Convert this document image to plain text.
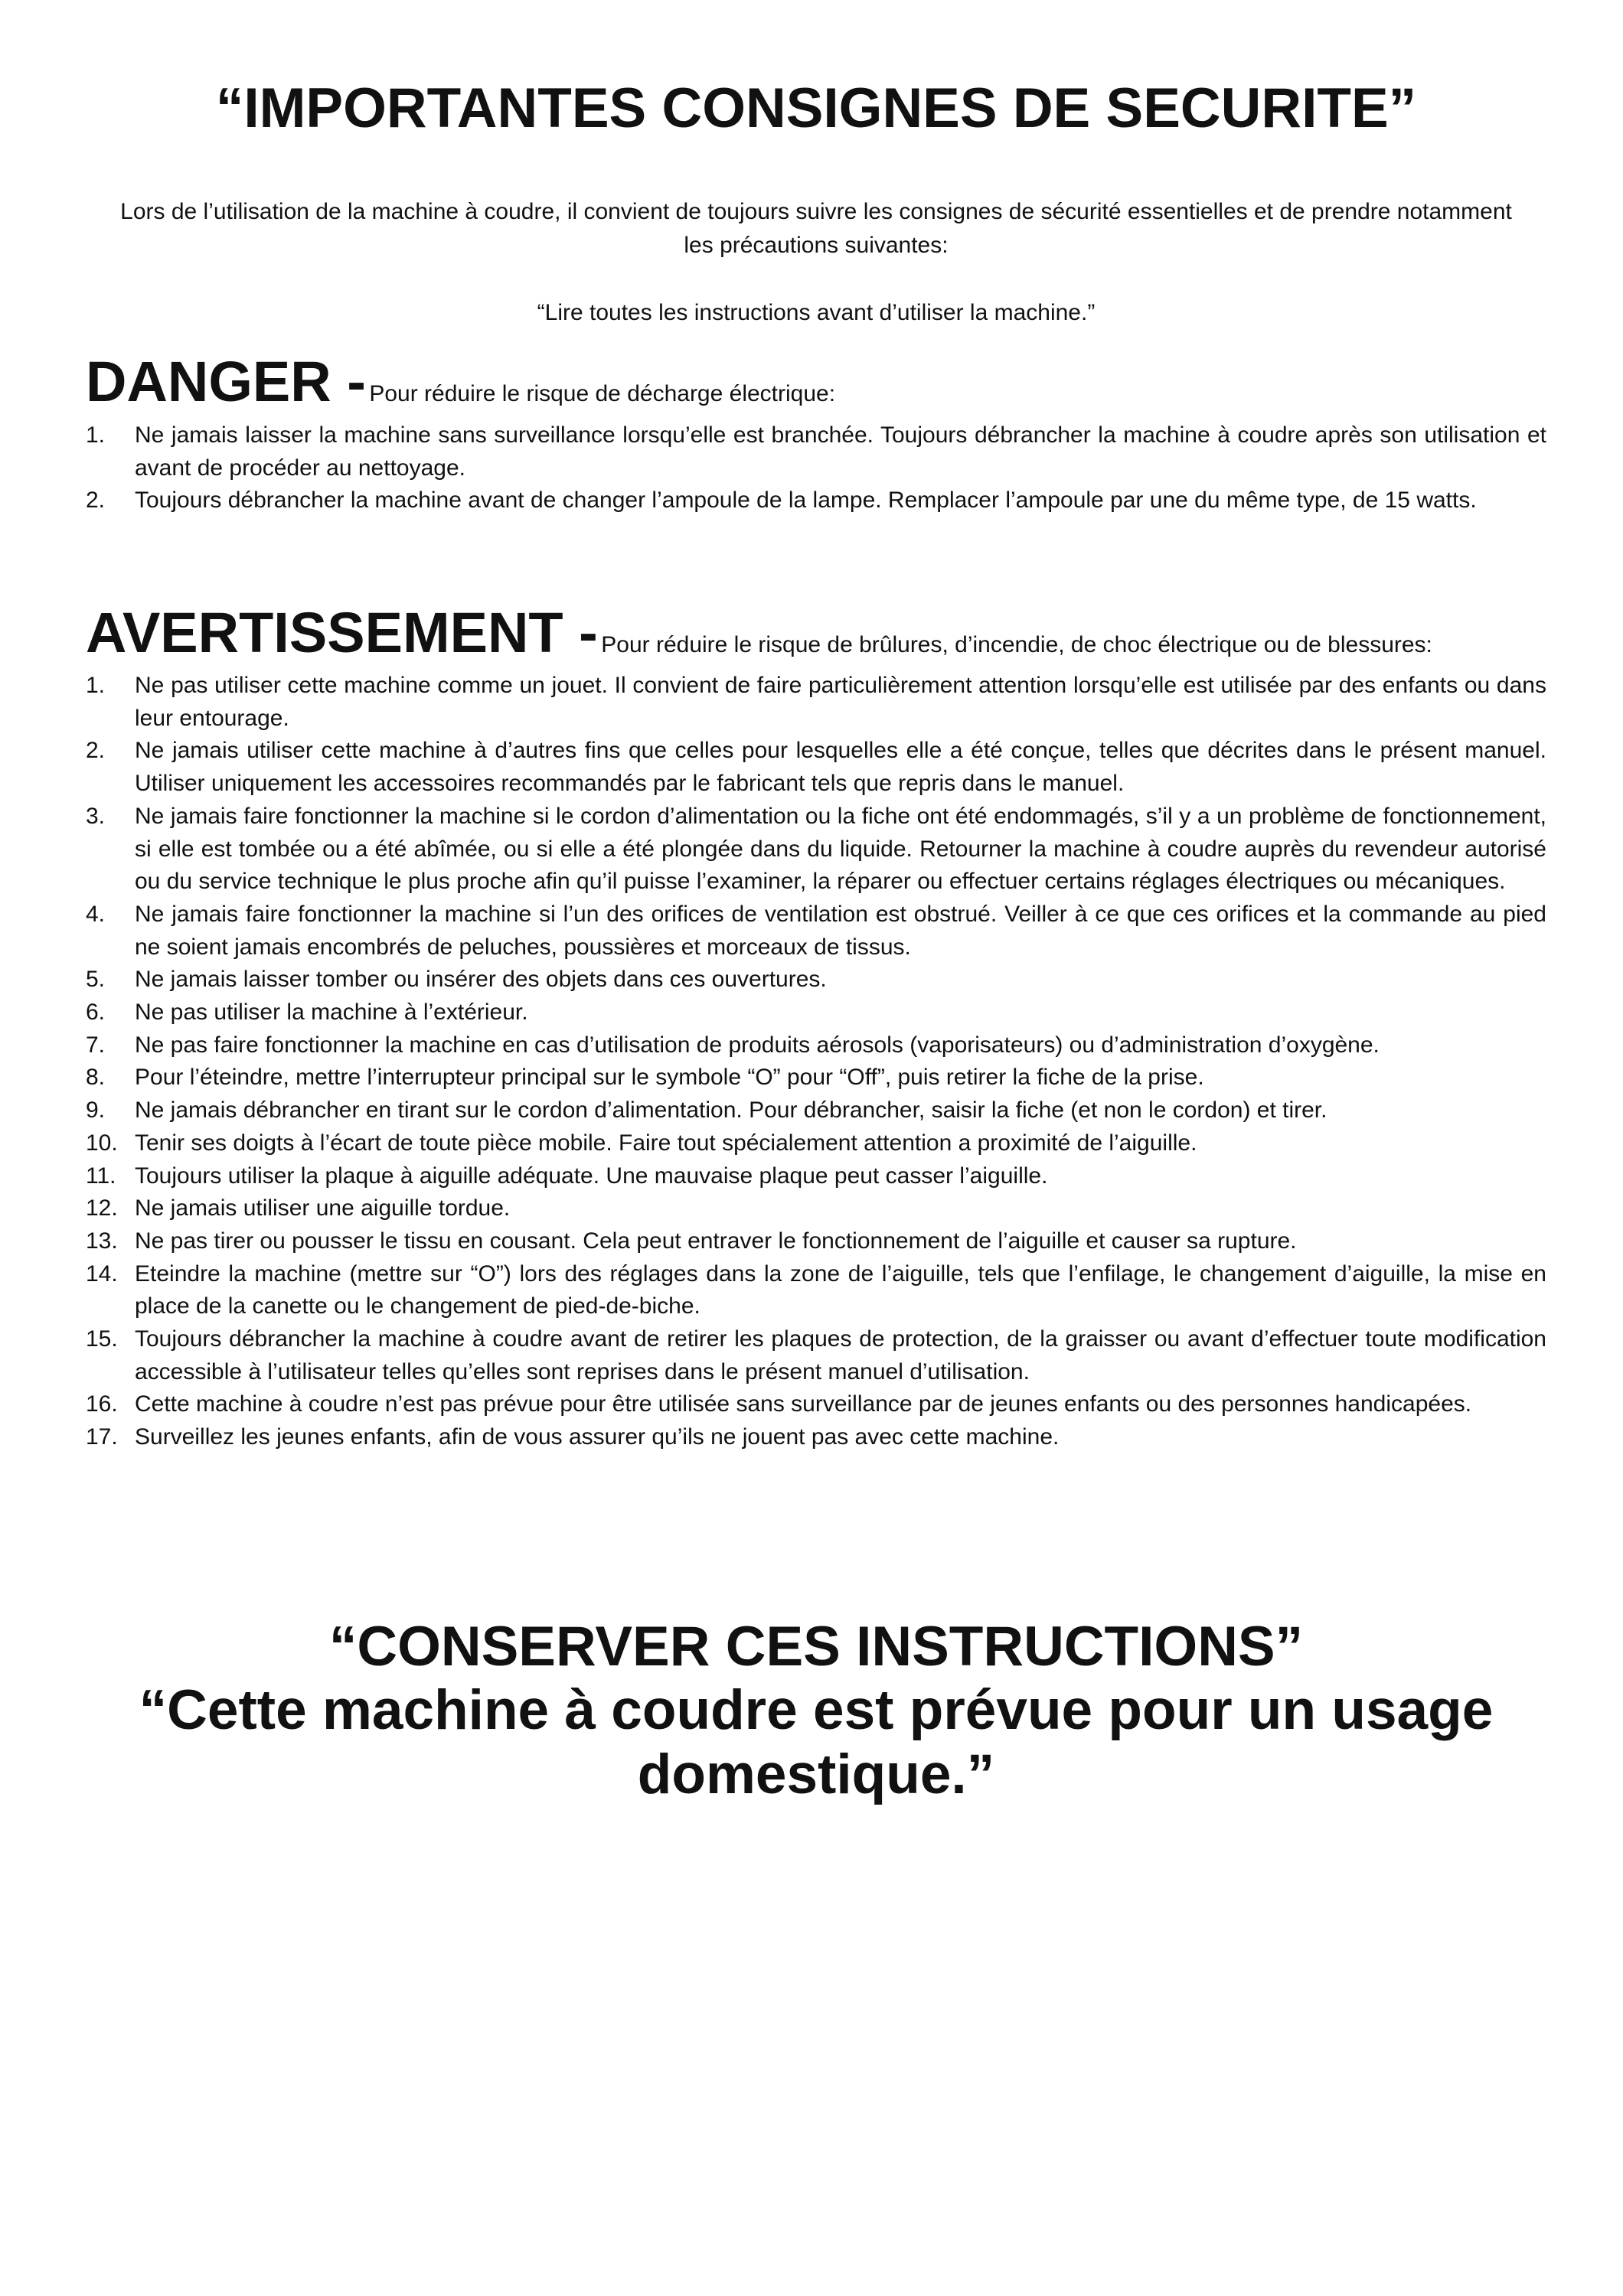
“IMPORTANTES CONSIGNES DE SECURITE”
Lors de l’utilisation de la machine à coudre, il convient de toujours suivre les consignes de sécurité essentielles et de prendre notamment les précautions suivantes:
“Lire toutes les instructions avant d’utiliser la machine.”
DANGER - Pour réduire le risque de décharge électrique:
1.	Ne jamais laisser la machine sans surveillance lorsqu’elle est branchée. Toujours débrancher la machine à coudre après son utilisation et avant de procéder au nettoyage.
2.	Toujours débrancher la machine avant de changer l’ampoule de la lampe. Remplacer l’ampoule par une du même type, de 15 watts.
AVERTISSEMENT - Pour réduire le risque de brûlures, d’incendie, de choc électrique ou de blessures:
1.	Ne pas utiliser cette machine comme un jouet. Il convient de faire particulièrement attention lorsqu’elle est utilisée par des enfants ou dans leur entourage.
2.	Ne jamais utiliser cette machine à d’autres fins que celles pour lesquelles elle a été conçue, telles que décrites dans le présent manuel. Utiliser uniquement les accessoires recommandés par le fabricant tels que repris dans le manuel.
3.	Ne jamais faire fonctionner la machine si le cordon d’alimentation ou la fiche ont été endommagés, s’il y a un problème de fonctionnement, si elle est tombée ou a été abîmée, ou si elle a été plongée dans du liquide. Retourner la machine à coudre auprès du revendeur autorisé ou du service technique le plus proche afin qu’il puisse l’examiner, la réparer ou effectuer certains réglages électriques ou mécaniques.
4.	Ne jamais faire fonctionner la machine si l’un des orifices de ventilation est obstrué. Veiller à ce que ces orifices et la commande au pied ne soient jamais encombrés de peluches, poussières et morceaux de tissus.
5.	Ne jamais laisser tomber ou insérer des objets dans ces ouvertures.
6.	Ne pas utiliser la machine à l’extérieur.
7.	Ne pas faire fonctionner la machine en cas d’utilisation de produits aérosols (vaporisateurs) ou d’administration d’oxygène.
8.	Pour l’éteindre, mettre l’interrupteur principal sur le symbole “O” pour “Off”, puis retirer la fiche de la prise.
9.	Ne jamais débrancher en tirant sur le cordon d’alimentation. Pour débrancher, saisir la fiche (et non le cordon) et tirer.
10. Tenir ses doigts à l’écart de toute pièce mobile. Faire tout spécialement attention a proximité de l’aiguille.
11. Toujours utiliser la plaque à aiguille adéquate. Une mauvaise plaque peut casser l’aiguille.
12. Ne jamais utiliser une aiguille tordue.
13. Ne pas tirer ou pousser le tissu en cousant. Cela peut entraver le fonctionnement de l’aiguille et causer sa rupture.
14. Eteindre la machine (mettre sur “O”) lors des réglages dans la zone de l’aiguille, tels que l’enfilage, le changement d’aiguille, la mise en place de la canette ou le changement de pied-de-biche.
15. Toujours débrancher la machine à coudre avant de retirer les plaques de protection, de la graisser ou avant d’effectuer toute modification accessible à l’utilisateur telles qu’elles sont reprises dans le présent manuel d’utilisation.
16. Cette machine à coudre n’est pas prévue pour être utilisée sans surveillance par de jeunes enfants ou des personnes handicapées.
17. Surveillez les jeunes enfants, afin de vous assurer qu’ils ne jouent pas avec cette machine.
“CONSERVER CES INSTRUCTIONS”
“Cette machine à coudre est prévue pour un usage domestique.”
